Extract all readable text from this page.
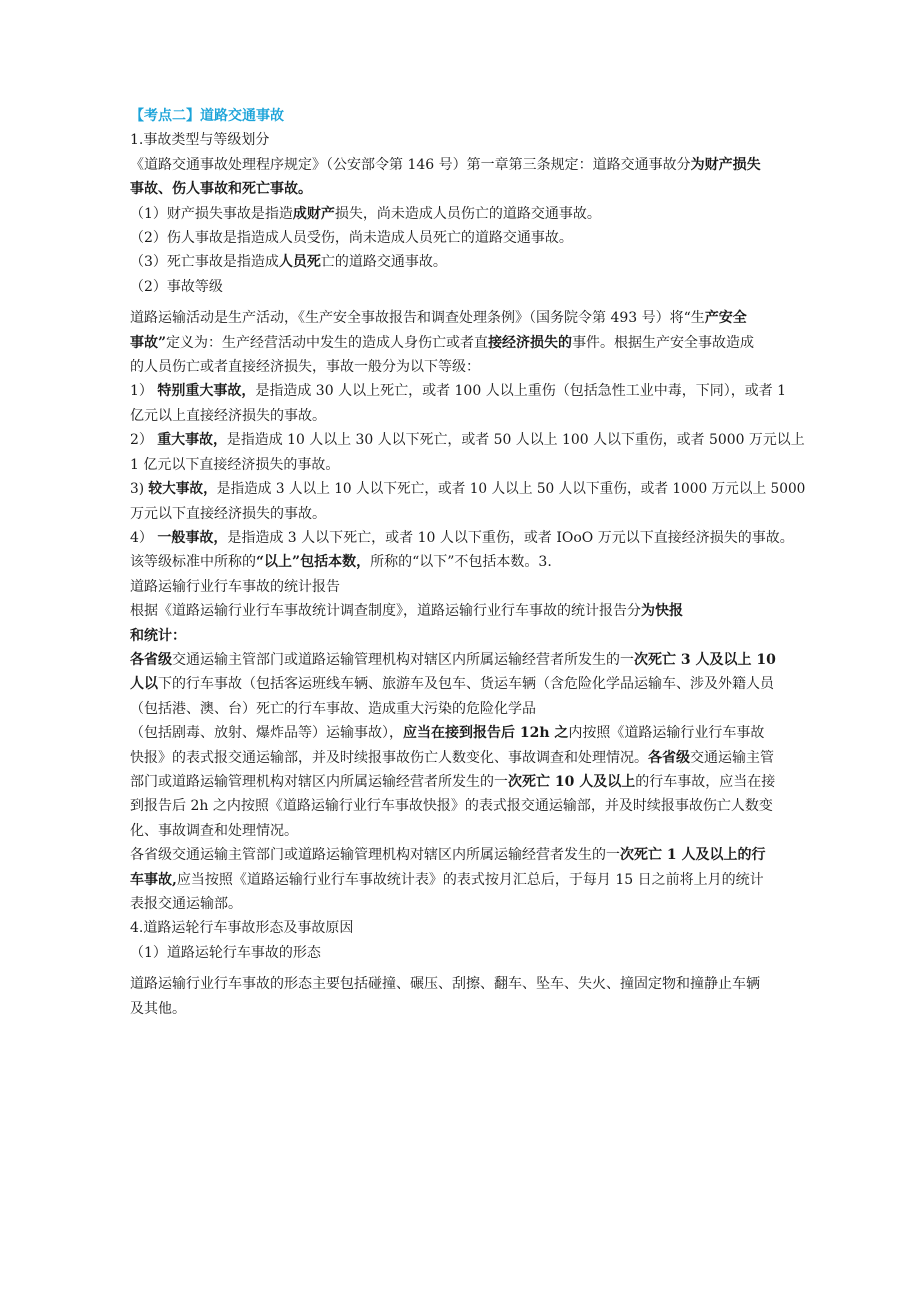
【考点二】道路交通事故
1.事故类型与等级划分
《道路交通事故处理程序规定》（公安部令第 146 号）第一章第三条规定：道路交通事故分为财产损失
事故、伤人事故和死亡事故。
（1）财产损失事故是指造成财产损失，尚未造成人员伤亡的道路交通事故。
（2）伤人事故是指造成人员受伤，尚未造成人员死亡的道路交通事故。
（3）死亡事故是指造成人员死亡的道路交通事故。
（2）事故等级
道路运输活动是生产活动，《生产安全事故报告和调查处理条例》（国务院令第 493 号）将“生产安全
事故”定义为：生产经营活动中发生的造成人身伤亡或者直接经济损失的事件。根据生产安全事故造成
的人员伤亡或者直接经济损失，事故一般分为以下等级：
1） 特别重大事故，是指造成 30 人以上死亡，或者 100 人以上重伤（包括急性工业中毒，下同），或者 1
亿元以上直接经济损失的事故。
2） 重大事故，是指造成 10 人以上 30 人以下死亡，或者 50 人以上 100 人以下重伤，或者 5000 万元以上
1 亿元以下直接经济损失的事故。
3) 较大事故，是指造成 3 人以上 10 人以下死亡，或者 10 人以上 50 人以下重伤，或者 1000 万元以上 5000
万元以下直接经济损失的事故。
4） 一般事故，是指造成 3 人以下死亡，或者 10 人以下重伤，或者 IOoO 万元以下直接经济损失的事故。
该等级标准中所称的“以上”包括本数，所称的“以下”不包括本数。3.
道路运输行业行车事故的统计报告
根据《道路运输行业行车事故统计调查制度》，道路运输行业行车事故的统计报告分为快报
和统计：
各省级交通运输主管部门或道路运输管理机构对辖区内所属运输经营者所发生的一次死亡 3 人及以上 10
人以下的行车事故（包括客运班线车辆、旅游车及包车、货运车辆（含危险化学品运输车、涉及外籍人员
（包括港、澳、台）死亡的行车事故、造成重大污染的危险化学品
（包括剧毒、放射、爆炸品等）运输事故），应当在接到报告后 12h 之内按照《道路运输行业行车事故
快报》的表式报交通运输部，并及时续报事故伤亡人数变化、事故调查和处理情况。各省级交通运输主管
部门或道路运输管理机构对辖区内所属运输经营者所发生的一次死亡 10 人及以上的行车事故，应当在接
到报告后 2h 之内按照《道路运输行业行车事故快报》的表式报交通运输部，并及时续报事故伤亡人数变
化、事故调查和处理情况。
各省级交通运输主管部门或道路运输管理机构对辖区内所属运输经营者发生的一次死亡 1 人及以上的行
车事故,应当按照《道路运输行业行车事故统计表》的表式按月汇总后，于每月 15 日之前将上月的统计
表报交通运输部。
4.道路运轮行车事故形态及事故原因
（1）道路运轮行车事故的形态
道路运输行业行车事故的形态主要包括碰撞、碾压、刮擦、翻车、坠车、失火、撞固定物和撞静止车辆
及其他。
